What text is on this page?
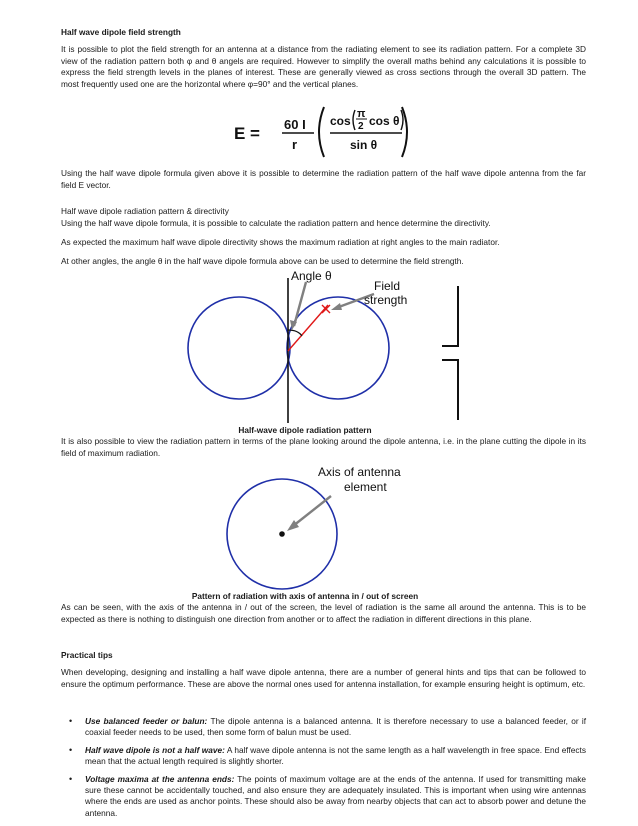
Half wave dipole field strength
It is possible to plot the field strength for an antenna at a distance from the radiating element to see its radiation pattern. For a complete 3D view of the radiation pattern both φ and θ angels are required. However to simplify the overall maths behind any calculations it is possible to express the field strength levels in the planes of interest. These are generally viewed as cross sections through the overall 3D pattern. The most frequently used one are the horizontal where φ=90° and the vertical planes.
E = 60 I
r
cos π
2 cos θ
sin θ
Using the half wave dipole formula given above it is possible to determine the radiation pattern of the half wave dipole antenna from the far field E vector.
Half wave dipole radiation pattern & directivity
Using the half wave dipole formula, it is possible to calculate the radiation pattern and hence determine the directivity.
As expected the maximum half wave dipole directivity shows the maximum radiation at right angles to the main radiator.
At other angles, the angle θ in the half wave dipole formula above can be used to determine the field strength.
Angle θ
Field
strength
Half-wave dipole radiation pattern
It is also possible to view the radiation pattern in terms of the plane looking around the dipole antenna, i.e. in the plane cutting the dipole in its field of maximum radiation.
Axis of antenna
element
Pattern of radiation with axis of antenna in / out of screen
As can be seen, with the axis of the antenna in / out of the screen, the level of radiation is the same all around the antenna. This is to be expected as there is nothing to distinguish one direction from another or to affect the radiation in different directions in this plane.
Practical tips
When developing, designing and installing a half wave dipole antenna, there are a number of general hints and tips that can be followed to ensure the optimum performance. These are above the normal ones used for antenna installation, for example ensuring height is optimum, etc.
• Use balanced feeder or balun: The dipole antenna is a balanced antenna. It is therefore necessary to use a balanced feeder, or if coaxial feeder needs to be used, then some form of balun must be used.
• Half wave dipole is not a half wave: A half wave dipole antenna is not the same length as a half wavelength in free space. End effects mean that the actual length required is slightly shorter.
• Voltage maxima at the antenna ends: The points of maximum voltage are at the ends of the antenna. If used for transmitting make sure these cannot be accidentally touched, and also ensure they are adequately insulated. This is important when using wire antennas where the ends are used as anchor points. These should also be away from nearby objects that can act to absorb power and detune the antenna.
